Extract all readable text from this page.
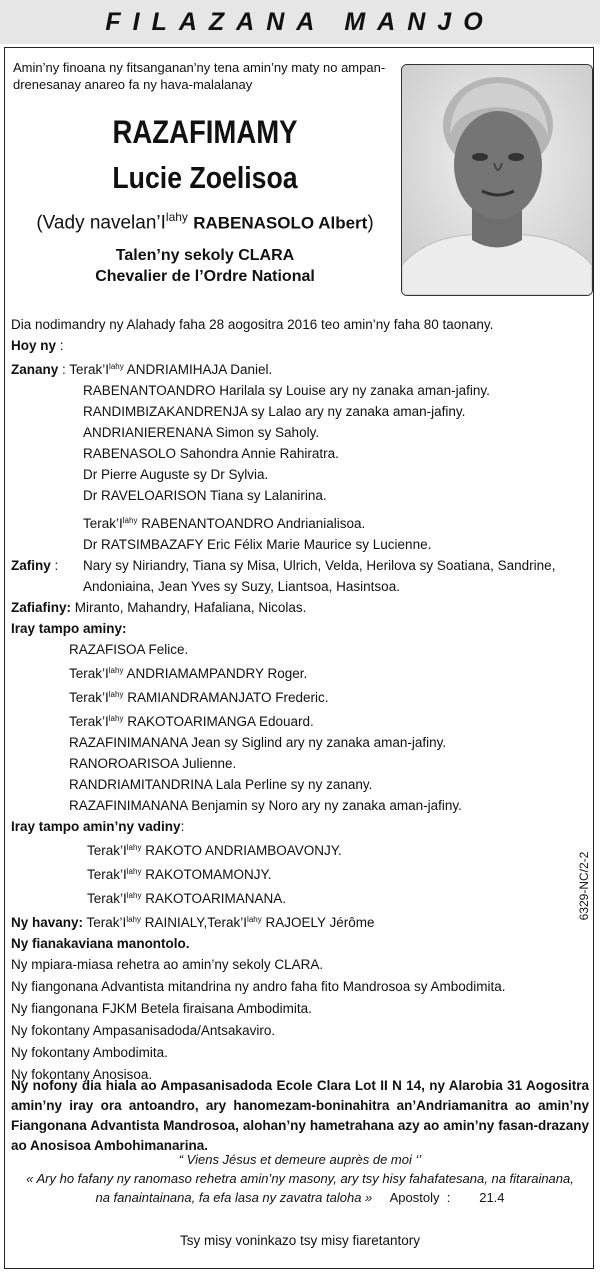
FILAZANA MANJO
Amin’ny finoana ny fitsanganan’ny tena amin’ny maty no ampan-drenesanay anareo fa ny hava-malalanay
RAZAFIMAMY
Lucie Zoelisoa
(Vady $navelan’I^{lahy}$ RABENASOLO Albert)
Talen’ny sekoly CLARA
Chevalier de l’Ordre National
Dia nodimandry ny Alahady faha 28 aogositra 2016 teo amin’ny faha 80 taonany.
Hoy ny :
Zanany : $Terak’I^{lahy}$ ANDRIAMIHAJA Daniel.
RABENANTOANDRO Harilala sy Louise ary ny zanaka aman-jafiny.
RANDIMBIZAKANDRENJA sy Lalao ary ny zanaka aman-jafiny.
ANDRIANIERENANA Simon sy Saholy.
RABENASOLO Sahondra Annie Rahiratra.
Dr Pierre Auguste sy Dr Sylvia.
Dr RAVELOARISON Tiana sy Lalanirina.
$Terak’I^{lahy}$ RABENANTOANDRO Andrianialisoa.
Dr RATSIMBAZAFY Eric Félix Marie Maurice sy Lucienne.
Zafiny :	Nary sy Niriandry, Tiana sy Misa, Ulrich, Velda, Herilova sy Soatiana, Sandrine, Andoniaina, Jean Yves sy Suzy, Liantsoa, Hasintsoa.
Zafiafiny: Miranto, Mahandry, Hafaliana, Nicolas.
Iray tampo aminy:
RAZAFISOA Felice.
$Terak’I^{lahy}$ ANDRIAMAMPANDRY Roger.
$Terak’I^{lahy}$ RAMIANDRAMANJATO Frederic.
$Terak’I^{lahy}$ RAKOTOARIMANGA Edouard.
RAZAFINIMANANA Jean sy Siglind ary ny zanaka aman-jafiny.
RANOROARISOA Julienne.
RANDRIAMITANDRINA Lala Perline sy ny zanany.
RAZAFINIMANANA Benjamin sy Noro ary ny zanaka aman-jafiny.
Iray tampo amin’ny vadiny:
$Terak’I^{lahy}$ RAKOTO ANDRIAMBOAVONJY.
$Terak’I^{lahy}$ RAKOTOMAMONJY.
$Terak’I^{lahy}$ RAKOTOARIMANANA.
Ny havany: $Terak’I^{lahy}$ $RAINIALY,Terak’I^{lahy}$ RAJOELY Jérôme
Ny fianakaviana manontolo.
Ny mpiara-miasa rehetra ao amin’ny sekoly CLARA.
Ny fiangonana Advantista mitandrina ny andro faha fito Mandrosoa sy Ambodimita.
Ny fiangonana FJKM Betela firaisana Ambodimita.
Ny fokontany Ampasanisadoda/Antsakaviro.
Ny fokontany Ambodimita.
Ny fokontany Anosisoa.
6329-NC/2-2
Ny nofony dia hiala ao Ampasanisadoda Ecole Clara Lot II N 14, ny Alarobia 31 Aogositra amin’ny iray ora antoandro, ary hanomezam-boninahitra an’Andriamanitra ao amin’ny Fiangonana Advantista Mandrosoa, alohan’ny hametrahana azy ao amin’ny fasan-drazany ao Anosisoa Ambohimanarina.
“ Viens Jésus et demeure auprès de moi ‘’
« Ary ho fafany ny ranomaso rehetra amin’ny masony, ary tsy hisy fahafatesana, na fitarainana,
na fanaintainana, fa efa lasa ny zavatra taloha »     Apostoly  :        21.4
Tsy misy voninkazo tsy misy fiaretantory
